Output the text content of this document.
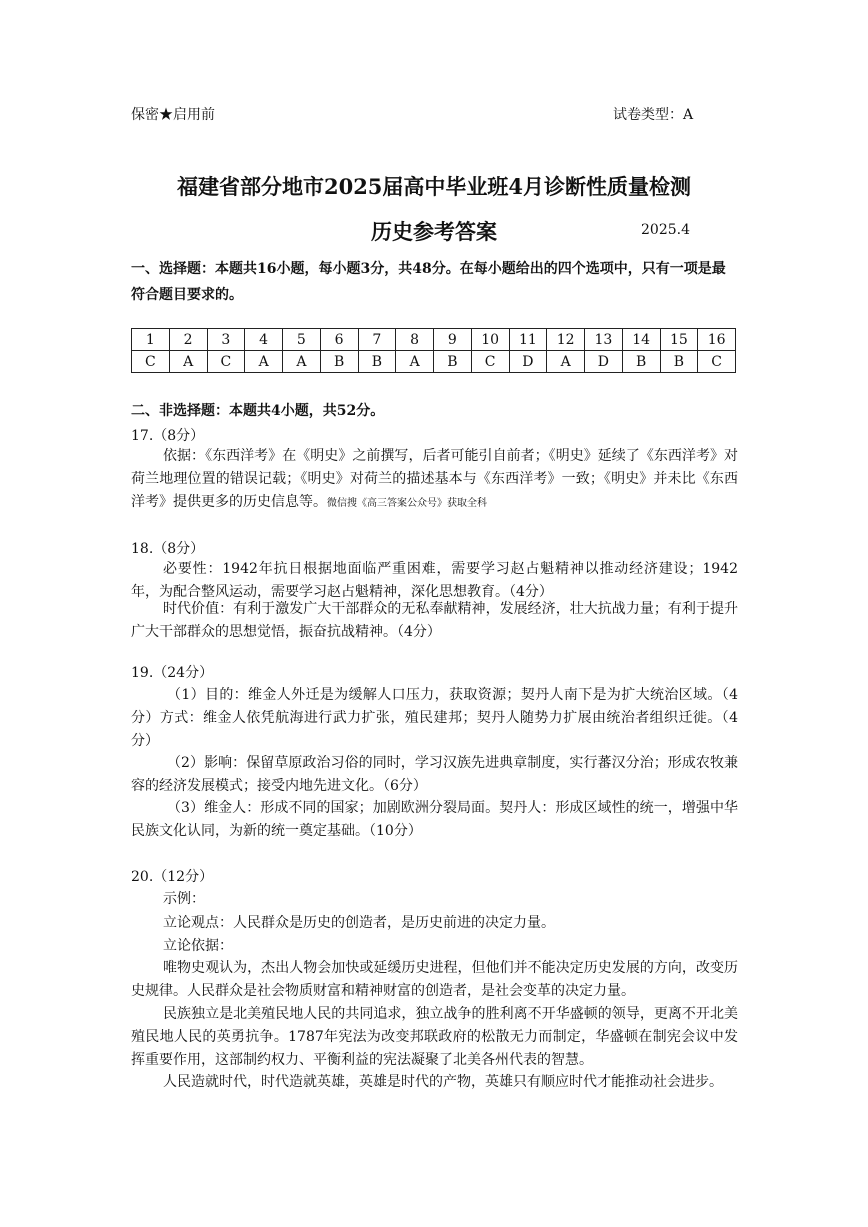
保密★启用前	试卷类型：A
福建省部分地市2025届高中毕业班4月诊断性质量检测
历史参考答案	2025.4
一、选择题：本题共16小题，每小题3分，共48分。在每小题给出的四个选项中，只有一项是最符合题目要求的。
1	2	3	4	5	6	7	8	9	10	11	12	13	14	15	16
C	A	C	A	A	B	B	A	B	C	D	A	D	B	B	C
二、非选择题：本题共4小题，共52分。
17.（8分）
依据：《东西洋考》在《明史》之前撰写，后者可能引自前者；《明史》延续了《东西洋考》对荷兰地理位置的错误记载；《明史》对荷兰的描述基本与《东西洋考》一致；《明史》并未比《东西洋考》提供更多的历史信息等。微信搜《高三答案公众号》获取全科
18.（8分）
必要性：1942年抗日根据地面临严重困难，需要学习赵占魁精神以推动经济建设；1942年，为配合整风运动，需要学习赵占魁精神，深化思想教育。（4分）
时代价值：有利于激发广大干部群众的无私奉献精神，发展经济，壮大抗战力量；有利于提升广大干部群众的思想觉悟，振奋抗战精神。（4分）
19.（24分）
（1）目的：维金人外迁是为缓解人口压力，获取资源；契丹人南下是为扩大统治区域。（4分）方式：维金人依凭航海进行武力扩张，殖民建邦；契丹人随势力扩展由统治者组织迁徙。（4分）
（2）影响：保留草原政治习俗的同时，学习汉族先进典章制度，实行蕃汉分治；形成农牧兼容的经济发展模式；接受内地先进文化。（6分）
（3）维金人：形成不同的国家；加剧欧洲分裂局面。契丹人：形成区域性的统一，增强中华民族文化认同，为新的统一奠定基础。（10分）
20.（12分）
示例：
立论观点：人民群众是历史的创造者，是历史前进的决定力量。
立论依据：
唯物史观认为，杰出人物会加快或延缓历史进程，但他们并不能决定历史发展的方向，改变历史规律。人民群众是社会物质财富和精神财富的创造者，是社会变革的决定力量。
民族独立是北美殖民地人民的共同追求，独立战争的胜利离不开华盛顿的领导，更离不开北美殖民地人民的英勇抗争。1787年宪法为改变邦联政府的松散无力而制定，华盛顿在制宪会议中发挥重要作用，这部制约权力、平衡利益的宪法凝聚了北美各州代表的智慧。
人民造就时代，时代造就英雄，英雄是时代的产物，英雄只有顺应时代才能推动社会进步。
